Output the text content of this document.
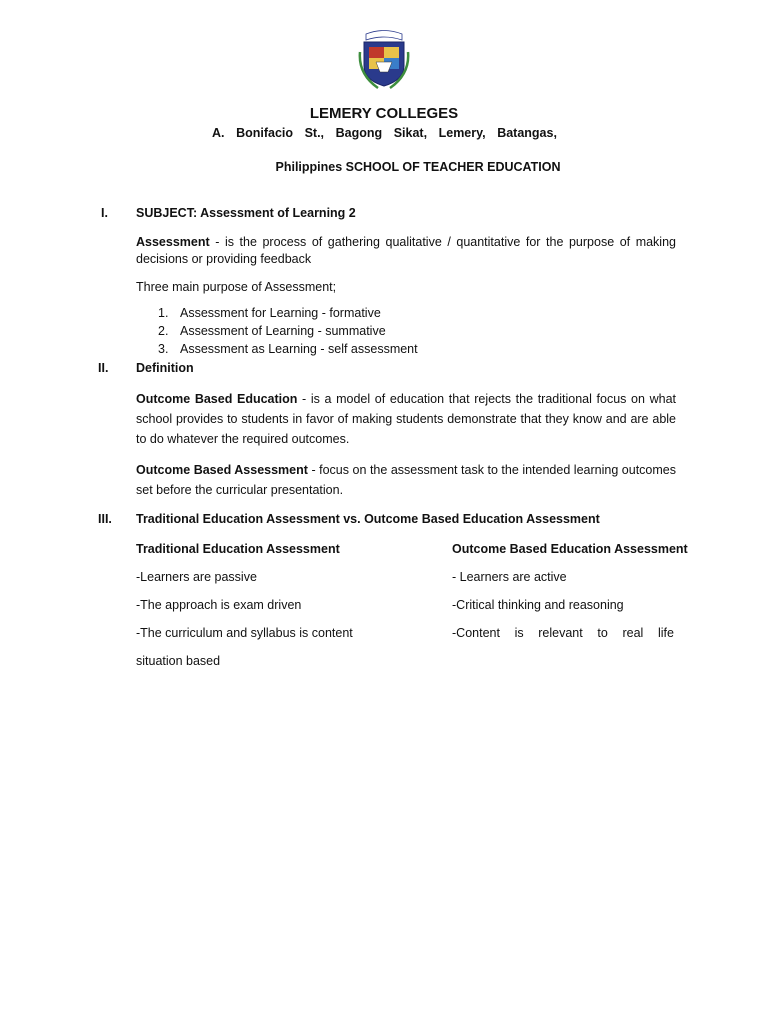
LEMERY COLLEGES
A. Bonifacio St., Bagong Sikat, Lemery, Batangas,
Philippines SCHOOL OF TEACHER EDUCATION
I. SUBJECT: Assessment of Learning 2
Assessment - is the process of gathering qualitative / quantitative for the purpose of making decisions or providing feedback
Three main purpose of Assessment;
1. Assessment for Learning - formative
2. Assessment of Learning - summative
3. Assessment as Learning - self assessment
II. Definition
Outcome Based Education - is a model of education that rejects the traditional focus on what school provides to students in favor of making students demonstrate that they know and are able to do whatever the required outcomes.
Outcome Based Assessment - focus on the assessment task to the intended learning outcomes set before the curricular presentation.
III. Traditional Education Assessment vs. Outcome Based Education Assessment
Traditional Education Assessment	Outcome Based Education Assessment
-Learners are passive	- Learners are active
-The approach is exam driven	-Critical thinking and reasoning
-The curriculum and syllabus is content	-Content is relevant to real life
situation based
